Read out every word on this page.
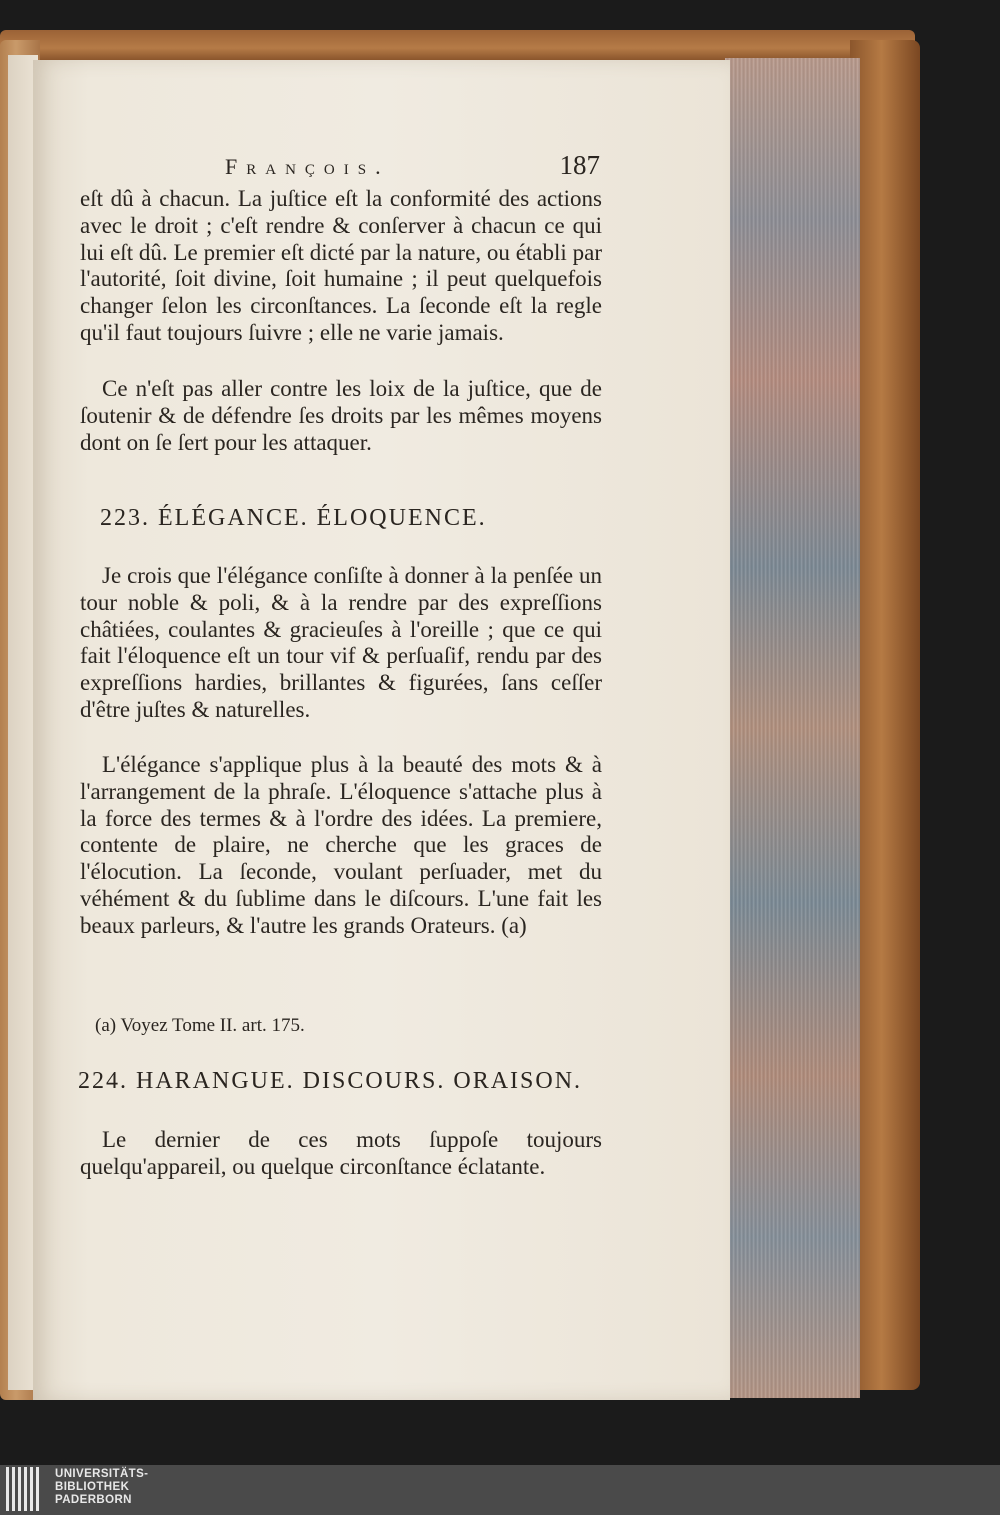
François.	187

eſt dû à chacun. La juſtice eſt la conformité des actions avec le droit ; c'eſt rendre & conſerver à chacun ce qui lui eſt dû. Le premier eſt dicté par la nature, ou établi par l'autorité, ſoit divine, ſoit humaine ; il peut quelquefois changer ſelon les circonſtances. La ſeconde eſt la regle qu'il faut toujours ſuivre ; elle ne varie jamais.

Ce n'eſt pas aller contre les loix de la juſtice, que de ſoutenir & de défendre ſes droits par les mêmes moyens dont on ſe ſert pour les attaquer.

223. ÉLÉGANCE. ÉLOQUENCE.

Je crois que l'élégance conſiſte à donner à la penſée un tour noble & poli, & à la rendre par des expreſſions châtiées, coulantes & gracieuſes à l'oreille ; que ce qui fait l'éloquence eſt un tour vif & perſuaſif, rendu par des expreſſions hardies, brillantes & figurées, ſans ceſſer d'être juſtes & naturelles.

L'élégance s'applique plus à la beauté des mots & à l'arrangement de la phraſe. L'éloquence s'attache plus à la force des termes & à l'ordre des idées. La premiere, contente de plaire, ne cherche que les graces de l'élocution. La ſeconde, voulant perſuader, met du véhément & du ſublime dans le diſcours. L'une fait les beaux parleurs, & l'autre les grands Orateurs. (a)

(a) Voyez Tome II. art. 175.
224. HARANGUE. DISCOURS. ORAISON.

Le dernier de ces mots ſuppoſe toujours quelqu'appareil, ou quelque circonſtance éclatante.

UNIVERSITÄTS-
BIBLIOTHEK
PADERBORN
